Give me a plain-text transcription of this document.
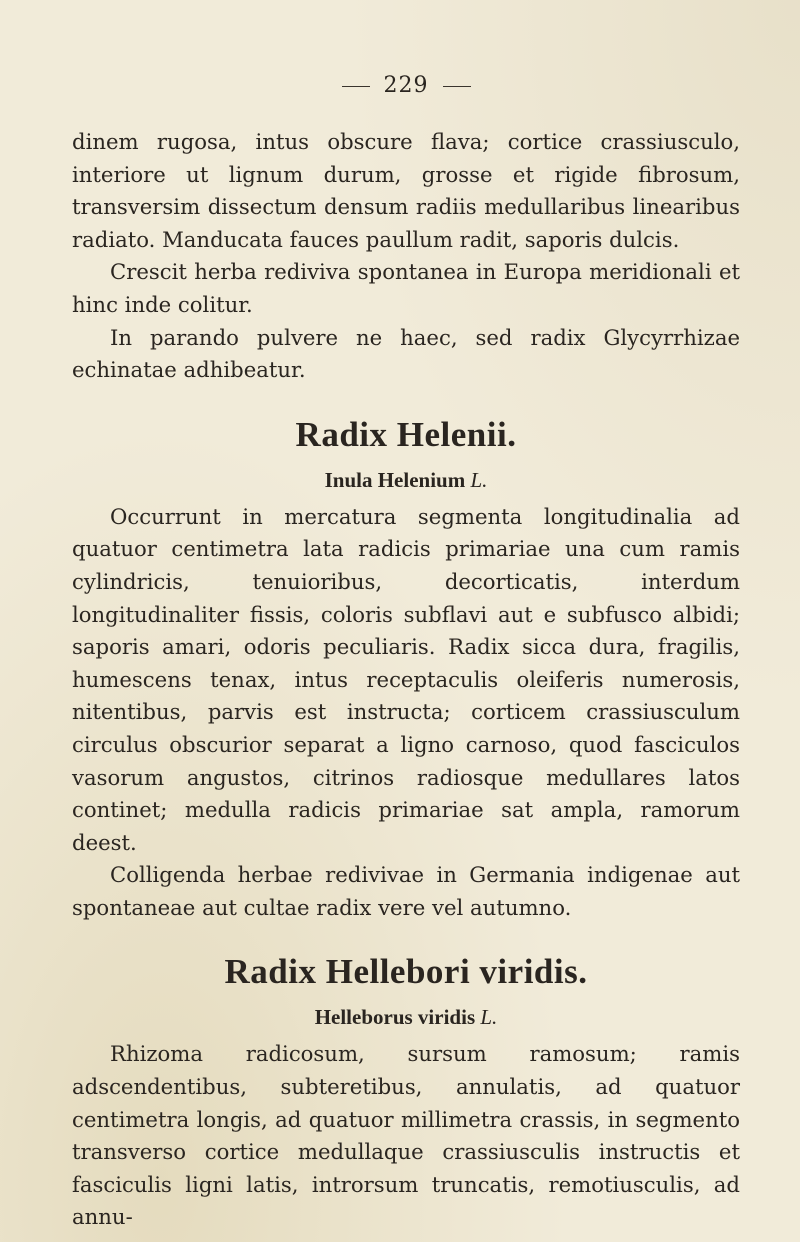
229

dinem rugosa, intus obscure flava; cortice crassiusculo, interiore ut lignum durum, grosse et rigide fibrosum, transversim dissectum densum radiis medullaribus linearibus radiato. Manducata fauces paullum radit, saporis dulcis.

Crescit herba rediviva spontanea in Europa meridionali et hinc inde colitur.

In parando pulvere ne haec, sed radix Glycyrrhizae echinatae adhibeatur.

Radix Helenii.
Inula Helenium L.

Occurrunt in mercatura segmenta longitudinalia ad quatuor centimetra lata radicis primariae una cum ramis cylindricis, tenuioribus, decorticatis, interdum longitudinaliter fissis, coloris subflavi aut e subfusco albidi; saporis amari, odoris peculiaris. Radix sicca dura, fragilis, humescens tenax, intus receptaculis oleiferis numerosis, nitentibus, parvis est instructa; corticem crassiusculum circulus obscurior separat a ligno carnoso, quod fasciculos vasorum angustos, citrinos radiosque medullares latos continet; medulla radicis primariae sat ampla, ramorum deest.

Colligenda herbae redivivae in Germania indigenae aut spontaneae aut cultae radix vere vel autumno.

Radix Hellebori viridis.
Helleborus viridis L.

Rhizoma radicosum, sursum ramosum; ramis adscendentibus, subteretibus, annulatis, ad quatuor centimetra longis, ad quatuor millimetra crassis, in segmento transverso cortice medullaque crassiusculis instructis et fasciculis ligni latis, introrsum truncatis, remotiusculis, ad annu-
